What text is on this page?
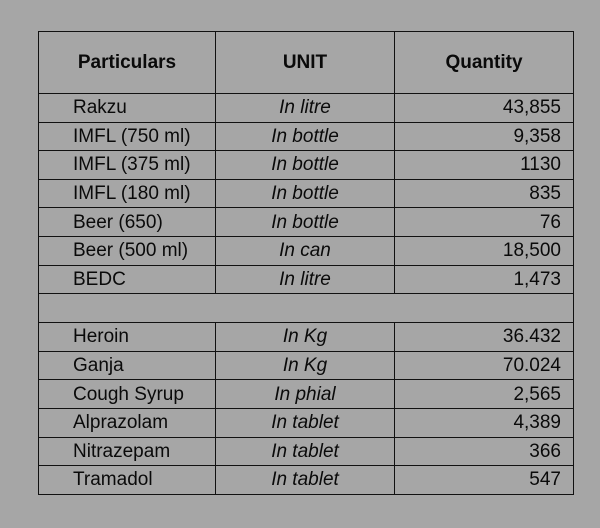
Particulars	UNIT	Quantity
Rakzu	In litre	43,855
IMFL (750 ml)	In bottle	9,358
IMFL (375 ml)	In bottle	1130
IMFL (180 ml)	In bottle	835
Beer (650)	In bottle	76
Beer (500 ml)	In can	18,500
BEDC	In litre	1,473

Heroin	In Kg	36.432
Ganja	In Kg	70.024
Cough Syrup	In phial	2,565
Alprazolam	In tablet	4,389
Nitrazepam	In tablet	366
Tramadol	In tablet	547
